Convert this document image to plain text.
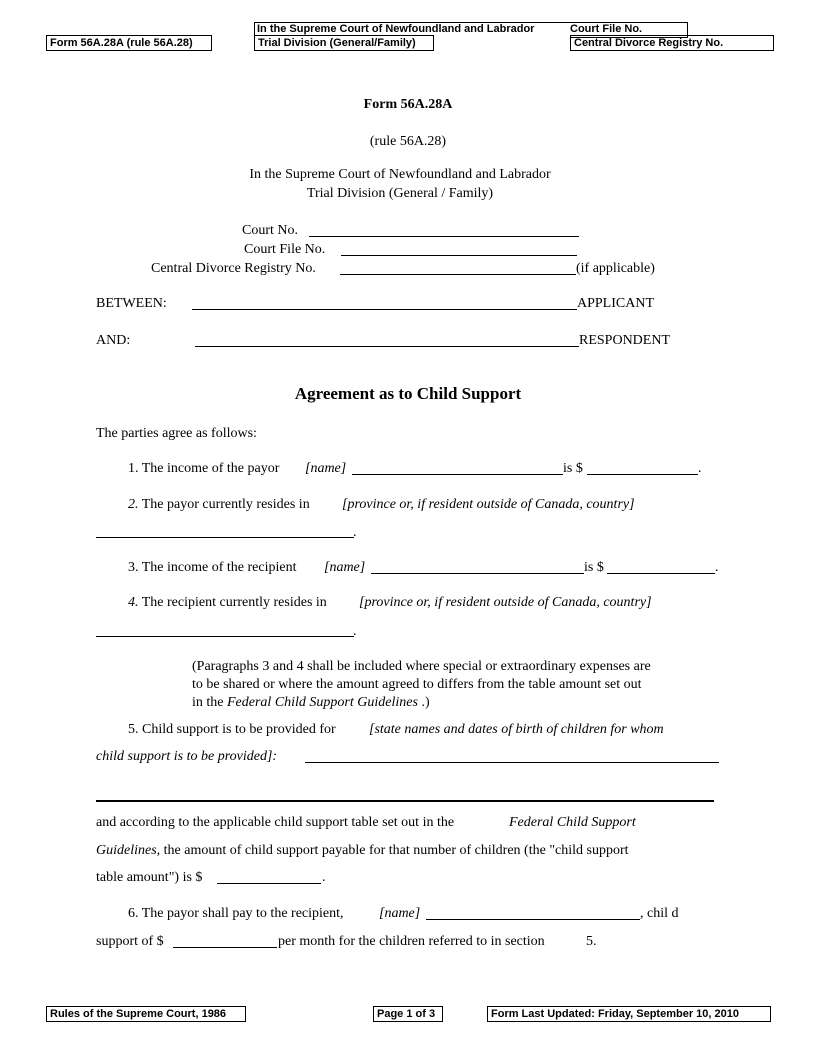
Form 56A.28A (rule 56A.28)
In the Supreme Court of Newfoundland and Labrador	Court File No.
Trial Division (General/Family)	Central Divorce Registry No.
Form 56A.28A
(rule 56A.28)
In the Supreme Court of Newfoundland and Labrador
Trial Division (General / Family)
Court No.
Court File No.
Central Divorce Registry No.	(if applicable)
BETWEEN:	APPLICANT
AND:	RESPONDENT
Agreement as to Child Support
The parties agree as follows:
1. The income of the payor [name]	is $	.
2. The payor currently resides in [province or, if resident outside of Canada, country]
.
3. The income of the recipient [name]	is $	.
4. The recipient currently resides in [province or, if resident outside of Canada, country]
.
(Paragraphs 3 and 4 shall be included where special or extraordinary expenses are
to be shared or where the amount agreed to differs from the table amount set out
in the Federal Child Support Guidelines .)
5. Child support is to be provided for [state names and dates of birth of children for whom
child support is to be provided]:
and according to the applicable child support table set out in the	Federal Child Support
Guidelines, the amount of child support payable for that number of children (the "child support
table amount") is $	.
6. The payor shall pay to the recipient,	[name]	, chil d
support of $	per month for the children referred to in section	5.
Rules of the Supreme Court, 1986	Page 1 of 3	Form Last Updated: Friday, September 10, 2010
